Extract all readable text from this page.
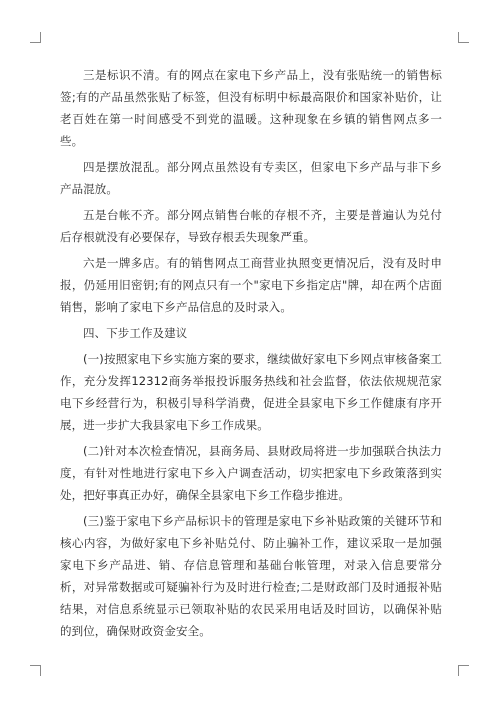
三是标识不清。有的网点在家电下乡产品上，没有张贴统一的销售标签;有的产品虽然张贴了标签，但没有标明中标最高限价和国家补贴价，让老百姓在第一时间感受不到党的温暖。这种现象在乡镇的销售网点多一些。

四是摆放混乱。部分网点虽然设有专卖区，但家电下乡产品与非下乡产品混放。

五是台帐不齐。部分网点销售台帐的存根不齐，主要是普遍认为兑付后存根就没有必要保存，导致存根丢失现象严重。

六是一牌多店。有的销售网点工商营业执照变更情况后，没有及时申报，仍延用旧密钥;有的网点只有一个"家电下乡指定店"牌，却在两个店面销售，影响了家电下乡产品信息的及时录入。

四、下步工作及建议

(一)按照家电下乡实施方案的要求，继续做好家电下乡网点审核备案工作，充分发挥12312商务举报投诉服务热线和社会监督，依法依规规范家电下乡经营行为，积极引导科学消费，促进全县家电下乡工作健康有序开展，进一步扩大我县家电下乡工作成果。

(二)针对本次检查情况，县商务局、县财政局将进一步加强联合执法力度，有针对性地进行家电下乡入户调查活动，切实把家电下乡政策落到实处，把好事真正办好，确保全县家电下乡工作稳步推进。

(三)鉴于家电下乡产品标识卡的管理是家电下乡补贴政策的关键环节和核心内容，为做好家电下乡补贴兑付、防止骗补工作，建议采取一是加强家电下乡产品进、销、存信息管理和基础台帐管理，对录入信息要常分析，对异常数据或可疑骗补行为及时进行检查;二是财政部门及时通报补贴结果，对信息系统显示已领取补贴的农民采用电话及时回访，以确保补贴的到位，确保财政资金安全。
